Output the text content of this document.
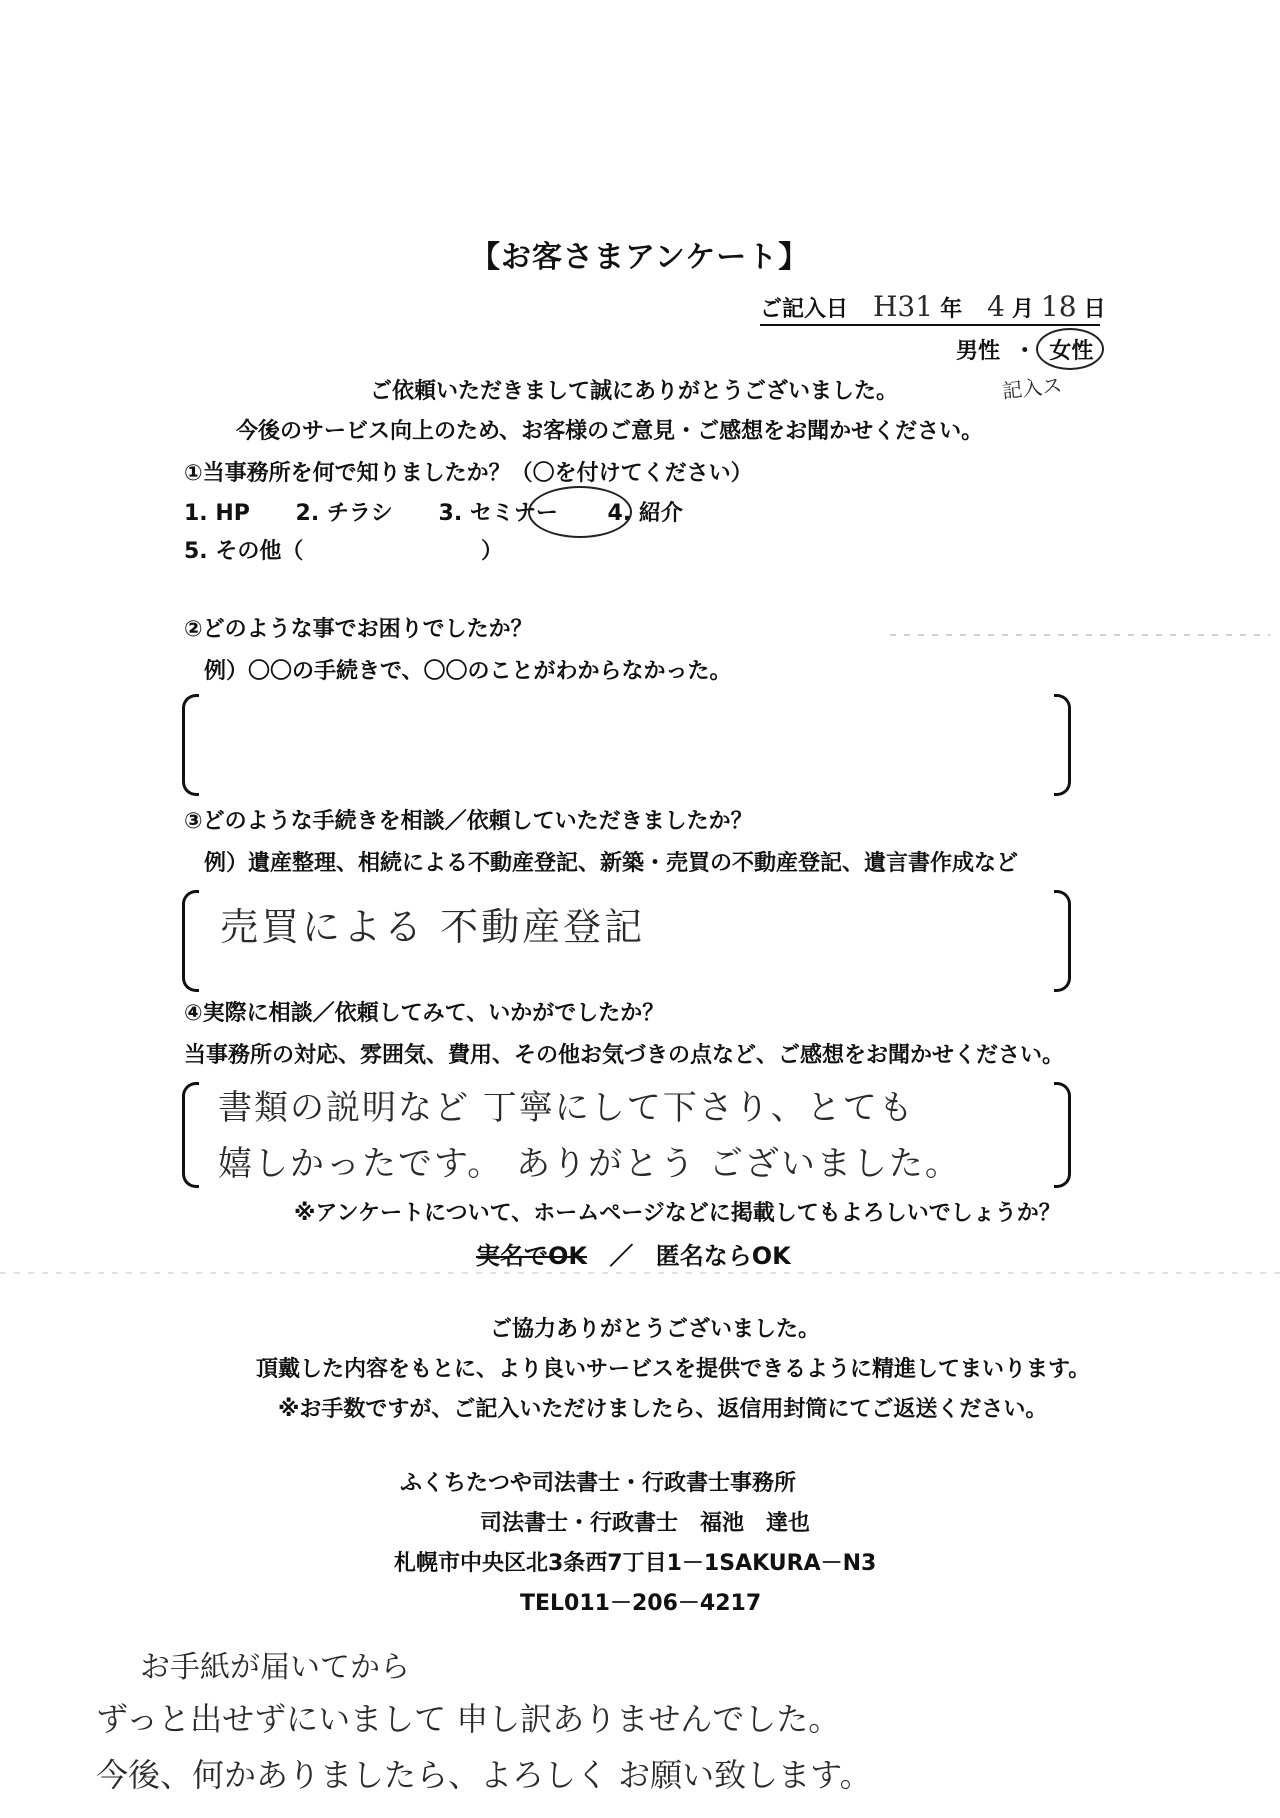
【お客さまアンケート】
ご記入日 H31 年 4 月 18 日
男性 ・ 女性
記入ス
ご依頼いただきまして誠にありがとうございました。
今後のサービス向上のため、お客様のご意見・ご感想をお聞かせください。
①当事務所を何で知りましたか？（〇を付けてください）
1. HP 2. チラシ 3. セミナー 4. 紹介
5. その他（	）
②どのような事でお困りでしたか？
例）〇〇の手続きで、〇〇のことがわからなかった。
③どのような手続きを相談／依頼していただきましたか？
例）遺産整理、相続による不動産登記、新築・売買の不動産登記、遺言書作成など
売買による 不動産登記
④実際に相談／依頼してみて、いかがでしたか？
当事務所の対応、雰囲気、費用、その他お気づきの点など、ご感想をお聞かせください。
書類の説明など 丁寧にして下さり、とても
嬉しかったです。 ありがとう ございました。
※アンケートについて、ホームページなどに掲載してもよろしいでしょうか？
実名でOK ／ 匿名ならOK
ご協力ありがとうございました。
頂戴した内容をもとに、より良いサービスを提供できるように精進してまいります。
※お手数ですが、ご記入いただけましたら、返信用封筒にてご返送ください。
ふくちたつや司法書士・行政書士事務所
司法書士・行政書士　福池　達也
札幌市中央区北3条西7丁目1－1SAKURA－N3
TEL011－206－4217
お手紙が届いてから
ずっと出せずにいまして 申し訳ありませんでした。
今後、何かありましたら、よろしく お願い致します。
